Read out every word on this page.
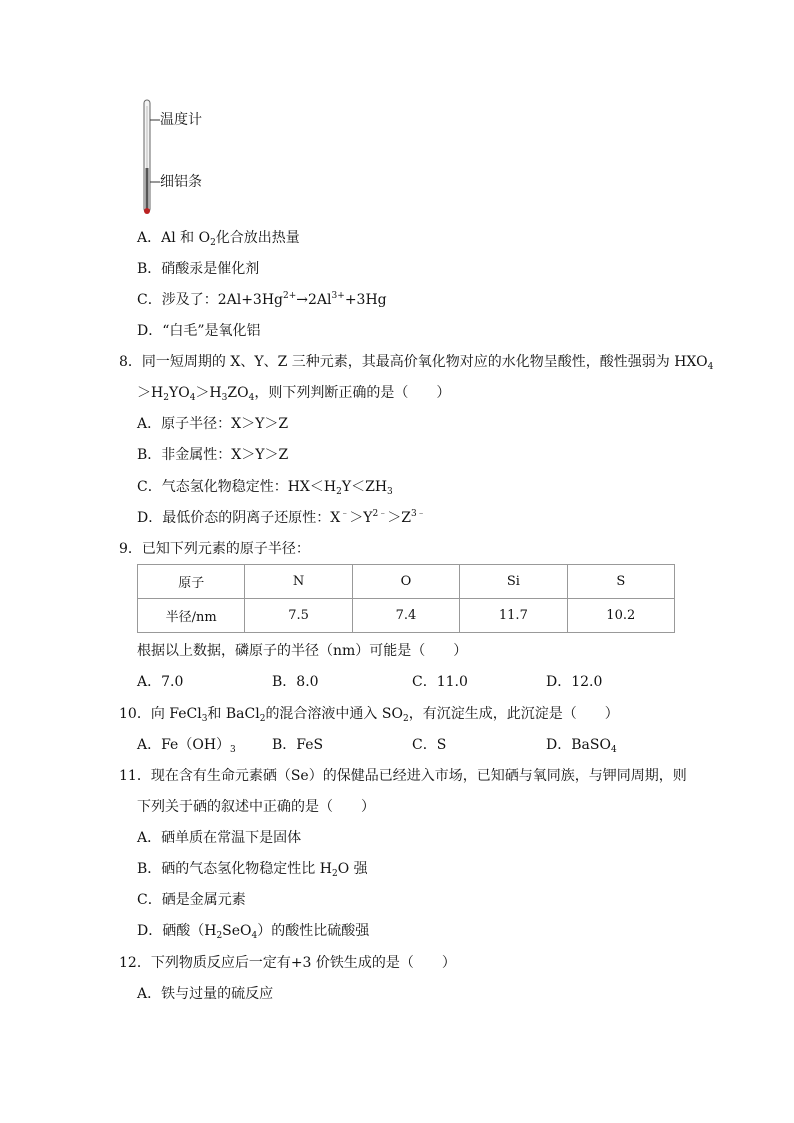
温度计
细铝条
A．Al 和 $O_2$化合放出热量
B．硝酸汞是催化剂
C．涉及了：$2Al+3Hg^{2+}\to 2Al^{3+}+3Hg$
D．“白毛”是氧化铝
8．同一短周期的 X、Y、Z 三种元素，其最高价氧化物对应的水化物呈酸性，酸性强弱为 $HXO_4$
$>H_2YO_4>H_3ZO_4$，则下列判断正确的是（　　）
A．原子半径：X＞Y＞Z
B．非金属性：X＞Y＞Z
C．气态氢化物稳定性：$HX<H_2Y<ZH_3$
D．最低价态的阴离子还原性：$X^﹣>Y^{2﹣}>Z^{3﹣}$
9．已知下列元素的原子半径：
原子	N	O	Si	S
半径/nm	7.5	7.4	11.7	10.2
根据以上数据，磷原子的半径（nm）可能是（　　）
A．7.0	B．8.0	C．11.0	D．12.0
10．向 FeCl$_3$和 BaCl$_2$的混合溶液中通入 $SO_2$，有沉淀生成，此沉淀是（　　）
A．$Fe(OH)_3$	B．FeS	C．S	D．BaSO$_4$
11．现在含有生命元素硒（Se）的保健品已经进入市场，已知硒与氧同族，与钾同周期，则
下列关于硒的叙述中正确的是（　　）
A．硒单质在常温下是固体
B．硒的气态氢化物稳定性比 $H_2O$ 强
C．硒是金属元素
D．硒酸$(H_2SeO_4)$的酸性比硫酸强
12．下列物质反应后一定有+3 价铁生成的是（　　）
A．铁与过量的硫反应
